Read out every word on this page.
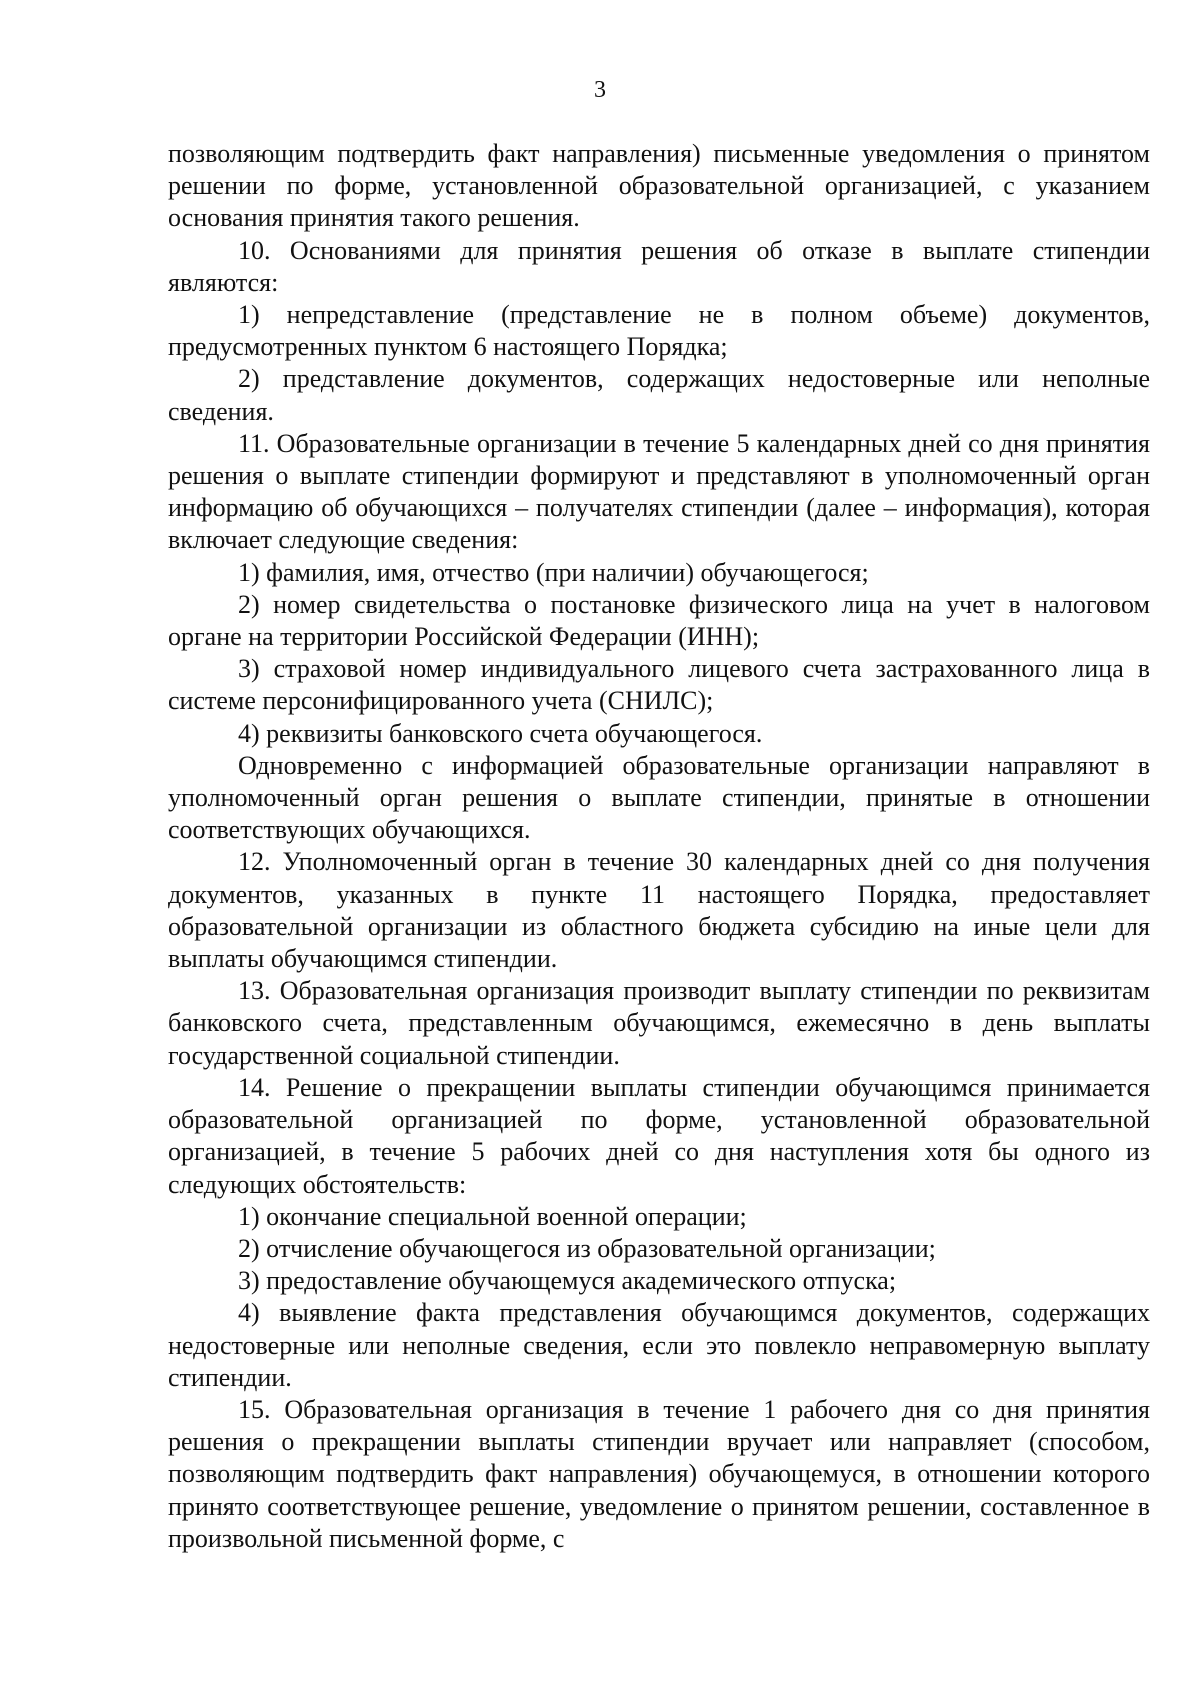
3

позволяющим подтвердить факт направления) письменные уведомления о принятом решении по форме, установленной образовательной организацией, с указанием основания принятия такого решения.

10. Основаниями для принятия решения об отказе в выплате стипендии являются:

1) непредставление (представление не в полном объеме) документов, предусмотренных пунктом 6 настоящего Порядка;

2) представление документов, содержащих недостоверные или неполные сведения.

11. Образовательные организации в течение 5 календарных дней со дня принятия решения о выплате стипендии формируют и представляют в уполномоченный орган информацию об обучающихся – получателях стипендии (далее – информация), которая включает следующие сведения:

1) фамилия, имя, отчество (при наличии) обучающегося;

2) номер свидетельства о постановке физического лица на учет в налоговом органе на территории Российской Федерации (ИНН);

3) страховой номер индивидуального лицевого счета застрахованного лица в системе персонифицированного учета (СНИЛС);

4) реквизиты банковского счета обучающегося.

Одновременно с информацией образовательные организации направляют в уполномоченный орган решения о выплате стипендии, принятые в отношении соответствующих обучающихся.

12. Уполномоченный орган в течение 30 календарных дней со дня получения документов, указанных в пункте 11 настоящего Порядка, предоставляет образовательной организации из областного бюджета субсидию на иные цели для выплаты обучающимся стипендии.

13. Образовательная организация производит выплату стипендии по реквизитам банковского счета, представленным обучающимся, ежемесячно в день выплаты государственной социальной стипендии.

14. Решение о прекращении выплаты стипендии обучающимся принимается образовательной организацией по форме, установленной образовательной организацией, в течение 5 рабочих дней со дня наступления хотя бы одного из следующих обстоятельств:

1) окончание специальной военной операции;

2) отчисление обучающегося из образовательной организации;

3) предоставление обучающемуся академического отпуска;

4) выявление факта представления обучающимся документов, содержащих недостоверные или неполные сведения, если это повлекло неправомерную выплату стипендии.

15. Образовательная организация в течение 1 рабочего дня со дня принятия решения о прекращении выплаты стипендии вручает или направляет (способом, позволяющим подтвердить факт направления) обучающемуся, в отношении которого принято соответствующее решение, уведомление о принятом решении, составленное в произвольной письменной форме, с
